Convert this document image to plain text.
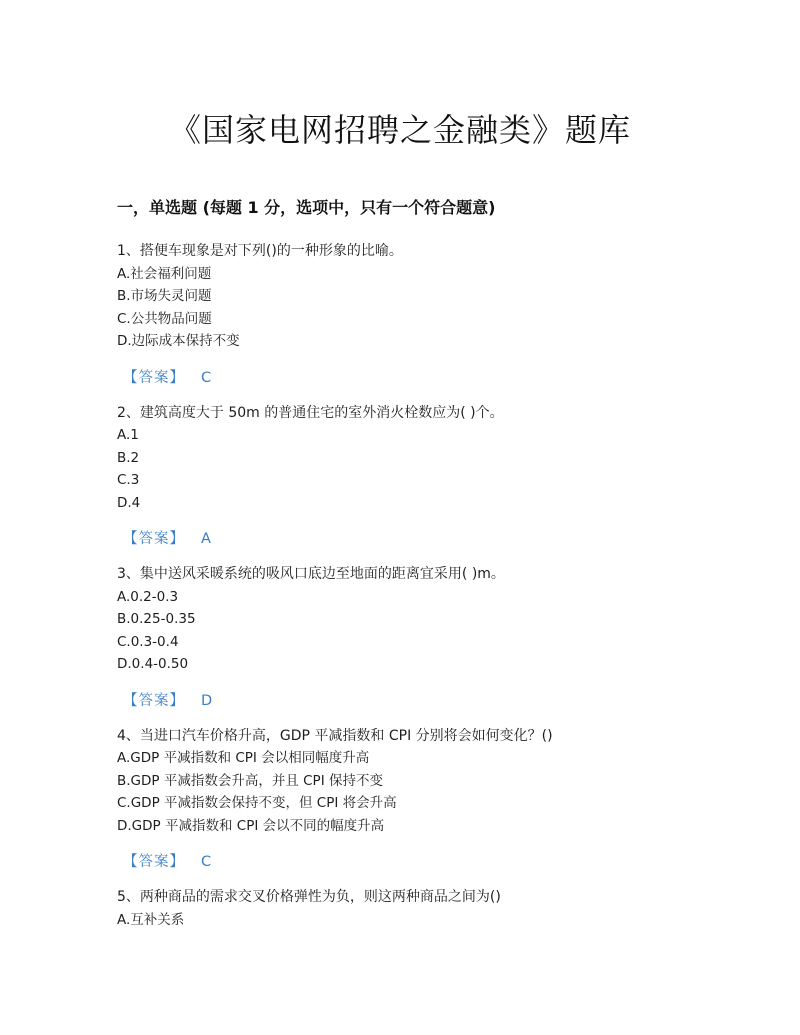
《国家电网招聘之金融类》题库
一，单选题 (每题 1 分，选项中，只有一个符合题意)
1、搭便车现象是对下列()的一种形象的比喻。
A.社会福利问题
B.市场失灵问题
C.公共物品问题
D.边际成本保持不变
【答案】 C
2、建筑高度大于 50m 的普通住宅的室外消火栓数应为( )个。
A.1
B.2
C.3
D.4
【答案】 A
3、集中送风采暖系统的吸风口底边至地面的距离宜采用( )m。
A.0.2-0.3
B.0.25-0.35
C.0.3-0.4
D.0.4-0.50
【答案】 D
4、当进口汽车价格升高，GDP 平减指数和 CPI 分别将会如何变化？()
A.GDP 平减指数和 CPI 会以相同幅度升高
B.GDP 平减指数会升高，并且 CPI 保持不变
C.GDP 平减指数会保持不变，但 CPI 将会升高
D.GDP 平减指数和 CPI 会以不同的幅度升高
【答案】 C
5、两种商品的需求交叉价格弹性为负，则这两种商品之间为()
A.互补关系
